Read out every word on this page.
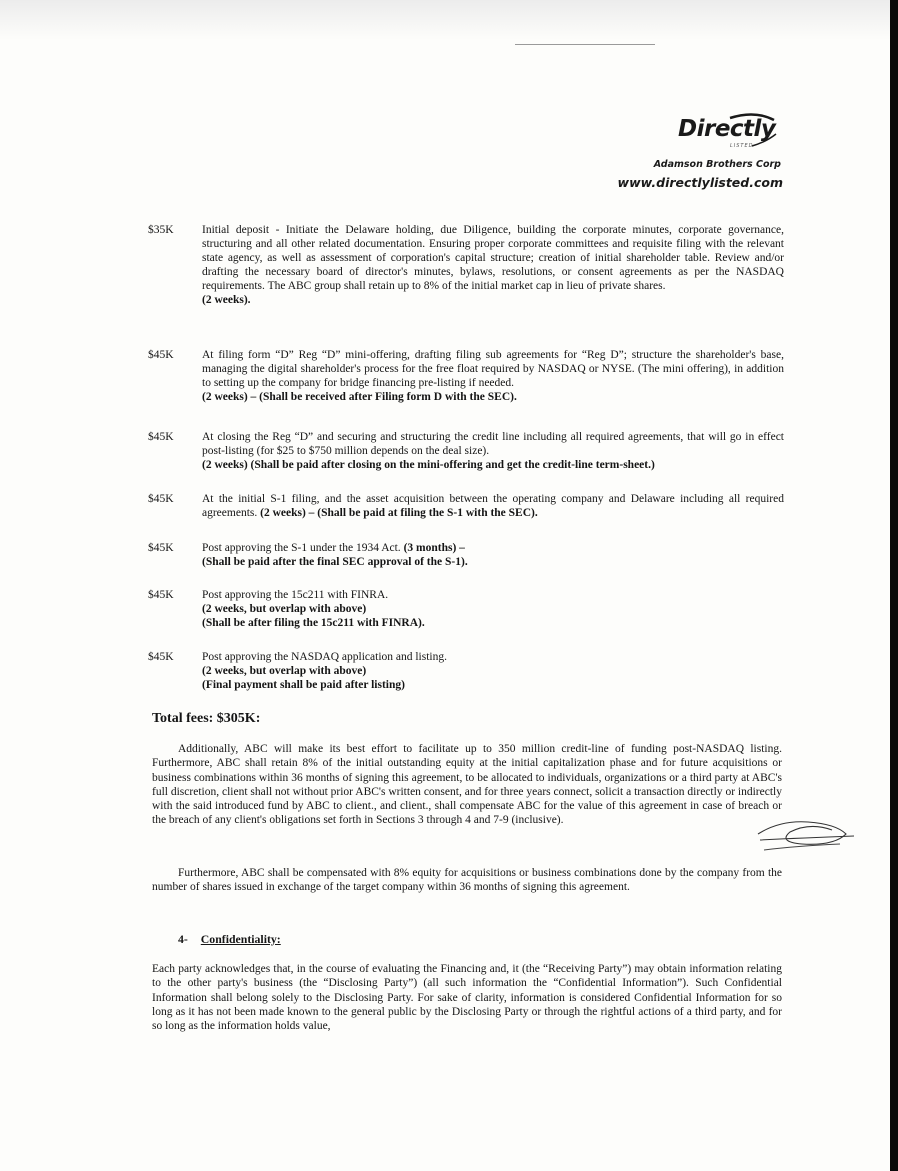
Directly
LISTED
Adamson Brothers Corp
www.directlylisted.com
$35K Initial deposit - Initiate the Delaware holding, due Diligence, building the corporate minutes, corporate governance, structuring and all other related documentation. Ensuring proper corporate committees and requisite filing with the relevant state agency, as well as assessment of corporation's capital structure; creation of initial shareholder table. Review and/or drafting the necessary board of director's minutes, bylaws, resolutions, or consent agreements as per the NASDAQ requirements. The ABC group shall retain up to 8% of the initial market cap in lieu of private shares.
(2 weeks).
$45K At filing form “D” Reg “D” mini-offering, drafting filing sub agreements for “Reg D”; structure the shareholder's base, managing the digital shareholder's process for the free float required by NASDAQ or NYSE. (The mini offering), in addition to setting up the company for bridge financing pre-listing if needed.
(2 weeks) – (Shall be received after Filing form D with the SEC).
$45K At closing the Reg “D” and securing and structuring the credit line including all required agreements, that will go in effect post-listing (for $25 to $750 million depends on the deal size).
(2 weeks) (Shall be paid after closing on the mini-offering and get the credit-line term-sheet.)
$45K At the initial S-1 filing, and the asset acquisition between the operating company and Delaware including all required agreements. (2 weeks) – (Shall be paid at filing the S-1 with the SEC).
$45K Post approving the S-1 under the 1934 Act. (3 months) –
(Shall be paid after the final SEC approval of the S-1).
$45K Post approving the 15c211 with FINRA.
(2 weeks, but overlap with above)
(Shall be after filing the 15c211 with FINRA).
$45K Post approving the NASDAQ application and listing.
(2 weeks, but overlap with above)
(Final payment shall be paid after listing)
Total fees: $305K:
Additionally, ABC will make its best effort to facilitate up to 350 million credit-line of funding post-NASDAQ listing. Furthermore, ABC shall retain 8% of the initial outstanding equity at the initial capitalization phase and for future acquisitions or business combinations within 36 months of signing this agreement, to be allocated to individuals, organizations or a third party at ABC's full discretion, client shall not without prior ABC's written consent, and for three years connect, solicit a transaction directly or indirectly with the said introduced fund by ABC to client., and client., shall compensate ABC for the value of this agreement in case of breach or the breach of any client's obligations set forth in Sections 3 through 4 and 7-9 (inclusive).
Furthermore, ABC shall be compensated with 8% equity for acquisitions or business combinations done by the company from the number of shares issued in exchange of the target company within 36 months of signing this agreement.
4- Confidentiality:
Each party acknowledges that, in the course of evaluating the Financing and, it (the “Receiving Party”) may obtain information relating to the other party's business (the “Disclosing Party”) (all such information the “Confidential Information”). Such Confidential Information shall belong solely to the Disclosing Party. For sake of clarity, information is considered Confidential Information for so long as it has not been made known to the general public by the Disclosing Party or through the rightful actions of a third party, and for so long as the information holds value,
